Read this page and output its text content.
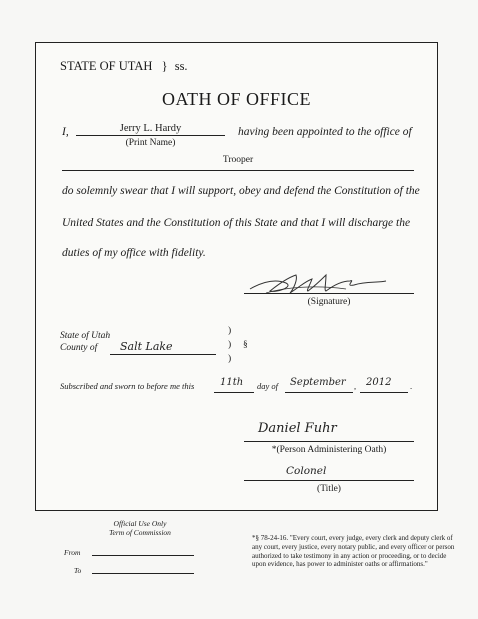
STATE OF UTAH } ss.
OATH OF OFFICE
I,	Jerry L. Hardy
(Print Name)
having been appointed to the office of
Trooper
do solemnly swear that I will support, obey and defend the Constitution of the
United States and the Constitution of this State and that I will discharge the
duties of my office with fidelity.
(Signature)
State of Utah
County of Salt Lake
)
)
)
§
Subscribed and sworn to before me this	11th day of September , 2012 .
Daniel Fuhr
*(Person Administering Oath)
Colonel
(Title)
Official Use Only
Term of Commission
From
To
*§ 78-24-16. "Every court, every judge, every clerk and deputy clerk of any court, every justice, every notary public, and every officer or person authorized to take testimony in any action or proceeding, or to decide upon evidence, has power to administer oaths or affirmations."
